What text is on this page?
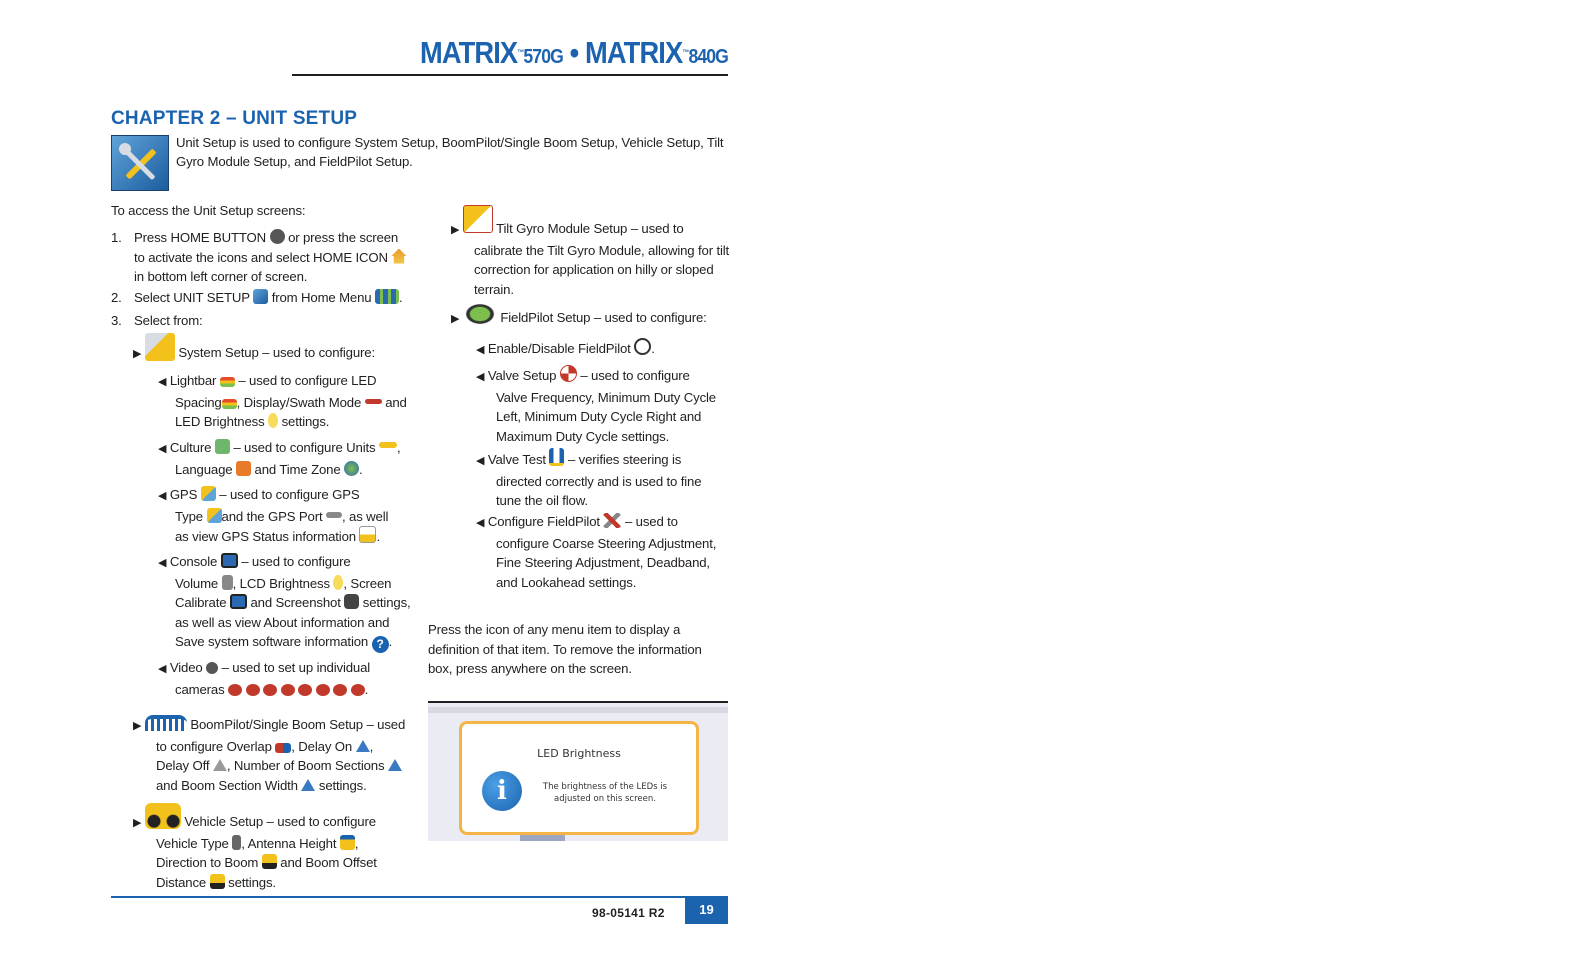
MATRIX™570G • MATRIX™840G
CHAPTER 2 – UNIT SETUP
Unit Setup is used to configure System Setup, BoomPilot/Single Boom Setup, Vehicle Setup, Tilt Gyro Module Setup, and FieldPilot Setup.
To access the Unit Setup screens:
1. Press HOME BUTTON or press the screen
to activate the icons and select HOME ICON
in bottom left corner of screen.
2. Select UNIT SETUP from Home Menu .
3. Select from:
▶	System Setup – used to configure:
◀ Lightbar – used to configure LED
Spacing , Display/Swath Mode and
LED Brightness settings.
◀ Culture – used to configure Units ,
Language and Time Zone .
◀ GPS – used to configure GPS
Type and the GPS Port , as well
as view GPS Status information .
◀ Console – used to configure
Volume , LCD Brightness , Screen
Calibrate and Screenshot settings,
as well as view About information and
Save system software information ? .
◀ Video – used to set up individual
cameras	.
▶	BoomPilot/Single Boom Setup – used
to configure Overlap , Delay On ,
Delay Off , Number of Boom Sections
and Boom Section Width settings.
▶	Vehicle Setup – used to configure
Vehicle Type , Antenna Height ,
Direction to Boom and Boom Offset
Distance settings.
▶	Tilt Gyro Module Setup – used to
calibrate the Tilt Gyro Module, allowing for tilt
correction for application on hilly or sloped
terrain.
▶	FieldPilot Setup – used to configure:
◀ Enable/Disable FieldPilot .
◀ Valve Setup – used to configure
Valve Frequency, Minimum Duty Cycle
Left, Minimum Duty Cycle Right and
Maximum Duty Cycle settings.
◀ Valve Test – verifies steering is
directed correctly and is used to fine
tune the oil flow.
◀ Configure FieldPilot – used to
configure Coarse Steering Adjustment,
Fine Steering Adjustment, Deadband,
and Lookahead settings.
Press the icon of any menu item to display a
definition of that item. To remove the information
box, press anywhere on the screen.
LED Brightness
i	The brightness of the LEDs is
adjusted on this screen.
98-05141 R2	19
